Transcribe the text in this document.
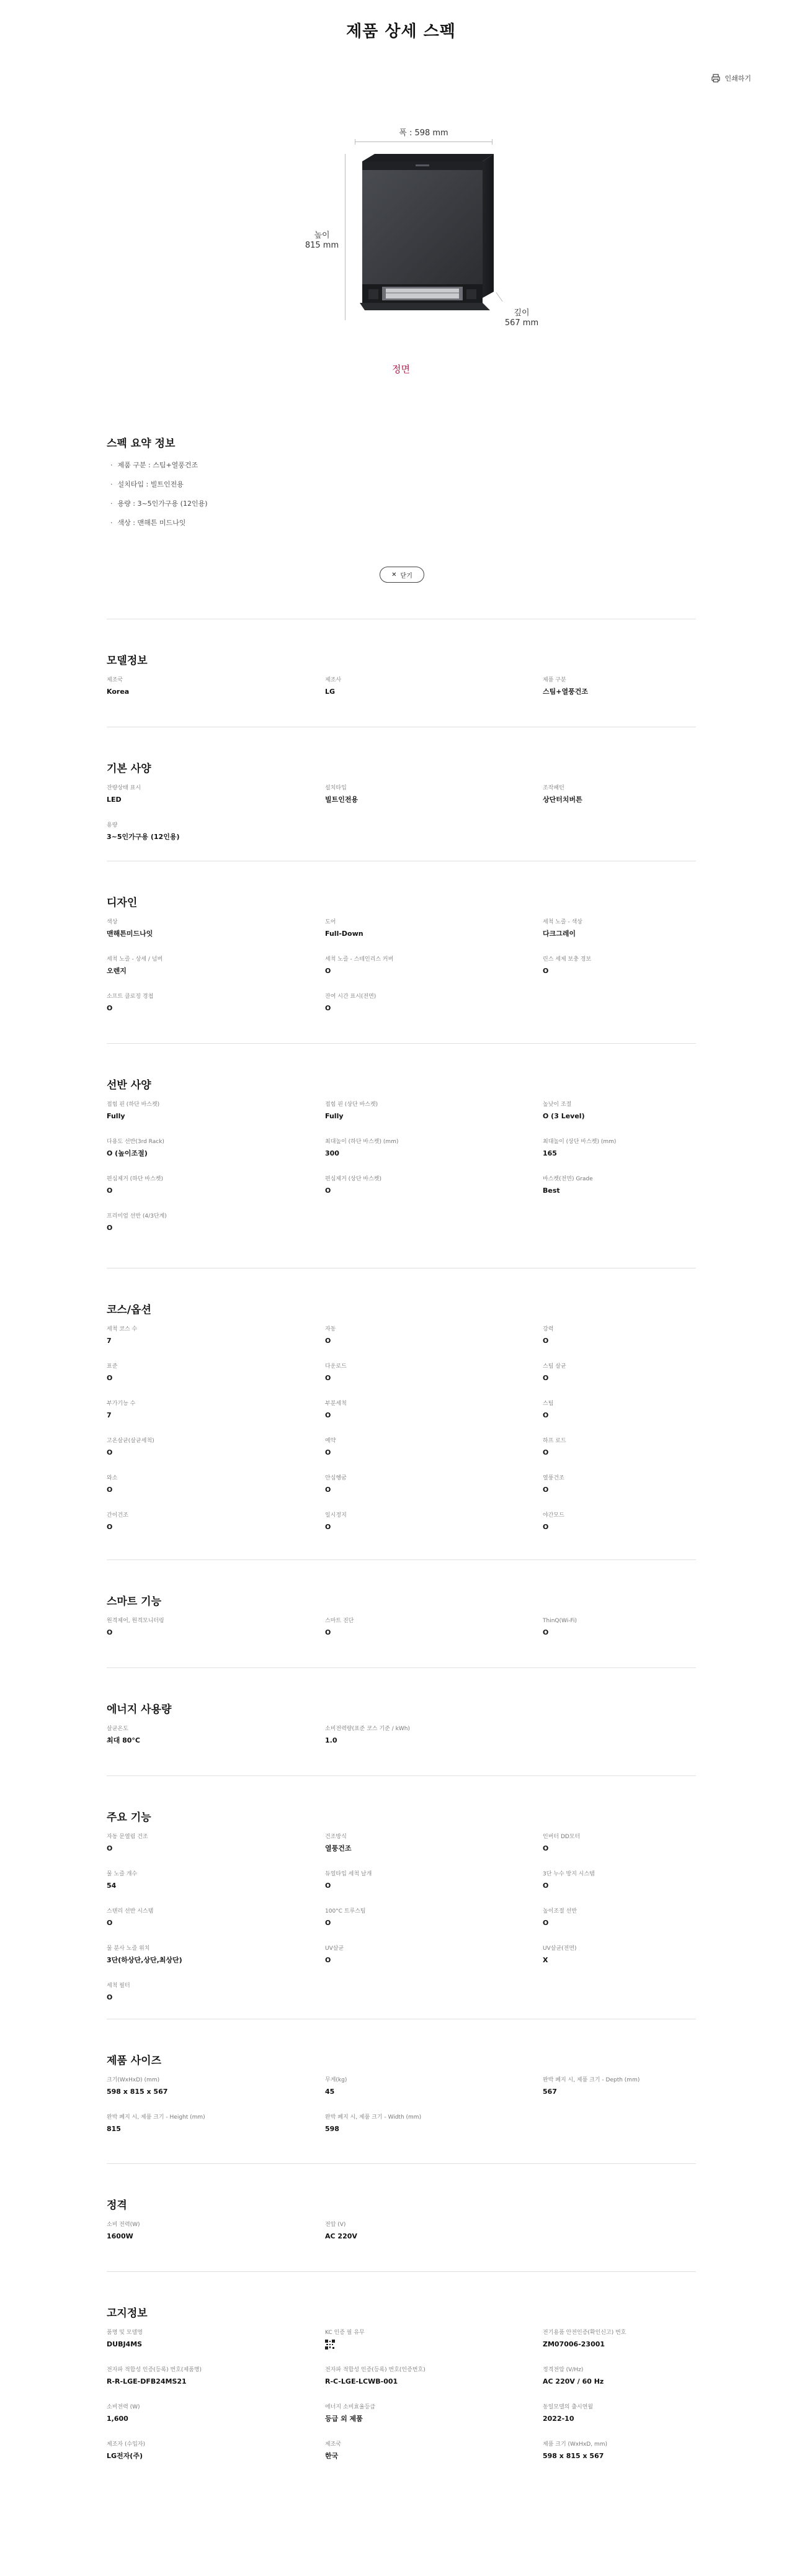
제품 상세 스펙
인쇄하기
폭 : 598 mm
높이
815 mm
깊이
567 mm
정면
스펙 요약 정보
· 제품 구분 : 스팀+열풍건조
· 설치타입 : 빌트인전용
· 용량 : 3~5인가구용 (12인용)
· 색상 : 맨해튼 미드나잇
✕ 닫기
모델정보
제조국
Korea
제조사
LG
제품 구분
스팀+열풍건조
기본 사양
잔량상태 표시
LED
설치타입
빌트인전용
조작패턴
상단터치버튼
용량
3~5인가구용 (12인용)
디자인
색상
맨해튼미드나잇
도어
Full-Down
세척 노즐 - 색상
다크그레이
세척 노즐 - 상세 / 넘버
오렌지
세척 노즐 - 스테인리스 커버
O
린스 세제 보충 경보
O
소프트 클로징 경첩
O
잔여 시간 표시(전면)
O
선반 사양
접힘 핀 (하단 바스켓)
Fully
접힘 핀 (상단 바스켓)
Fully
높낮이 조절
O (3 Level)
다용도 선반(3rd Rack)
O (높이조절)
최대높이 (하단 바스켓) (mm)
300
최대높이 (상단 바스켓) (mm)
165
편심제거 (하단 바스켓)
O
편심제거 (상단 바스켓)
O
바스켓(전면) Grade
Best
프리미엄 선반 (4/3단계)
O
코스/옵션
세척 코스 수
7
자동
O
강력
O
표준
O
다운로드
O
스팀 살균
O
부가기능 수
7
부분세척
O
스팀
O
고온살균(살균세척)
O
예약
O
하프 로드
O
와소
O
안심헹굼
O
열풍건조
O
간이건조
O
일시정지
O
야간모드
O
스마트 기능
원격제어, 원격모니터링
O
스마트 진단
O
ThinQ(Wi-Fi)
O
에너지 사용량
살균온도
최대 80°C
소비전력량(표준 코스 기준 / kWh)
1.0
주요 기능
자동 문열림 건조
O
건조방식
열풍건조
인버터 DD모터
O
물 노즐 개수
54
듀얼타입 세척 날개
O
3단 누수 방지 시스템
O
스텐리 선반 시스템
O
100°C 트루스팀
O
높이조절 선반
O
물 분사 노즐 위치
3단(하상단,상단,최상단)
UV살균
O
UV살균(전면)
X
세척 필터
O
제품 사이즈
크기(WxHxD) (mm)
598 x 815 x 567
무게(kg)
45
완박 폐지 시, 제품 크기 - Depth (mm)
567
완박 폐지 시, 제품 크기 - Height (mm)
815
완박 폐지 시, 제품 크기 - Width (mm)
598
정격
소비 전력(W)
1600W
전압 (V)
AC 220V
고지정보
품명 및 모델명
DUBJ4MS
KC 인증 필 유무	전기용품 안전인증(확인신고) 번호
ZM07006-23001
전자파 적합성 인증(등록) 번호(제품명)
R-R-LGE-DFB24MS21
전자파 적합성 인증(등록) 번호(인증번호)
R-C-LGE-LCWB-001
정격전압 (V/Hz)
AC 220V / 60 Hz
소비전력 (W)
1,600
에너지 소비효율등급
등급 외 제품
동일모델의 출시연월
2022-10
제조자 (수입자)
LG전자(주)
제조국
한국
제품 크기 (WxHxD, mm)
598 x 815 x 567
